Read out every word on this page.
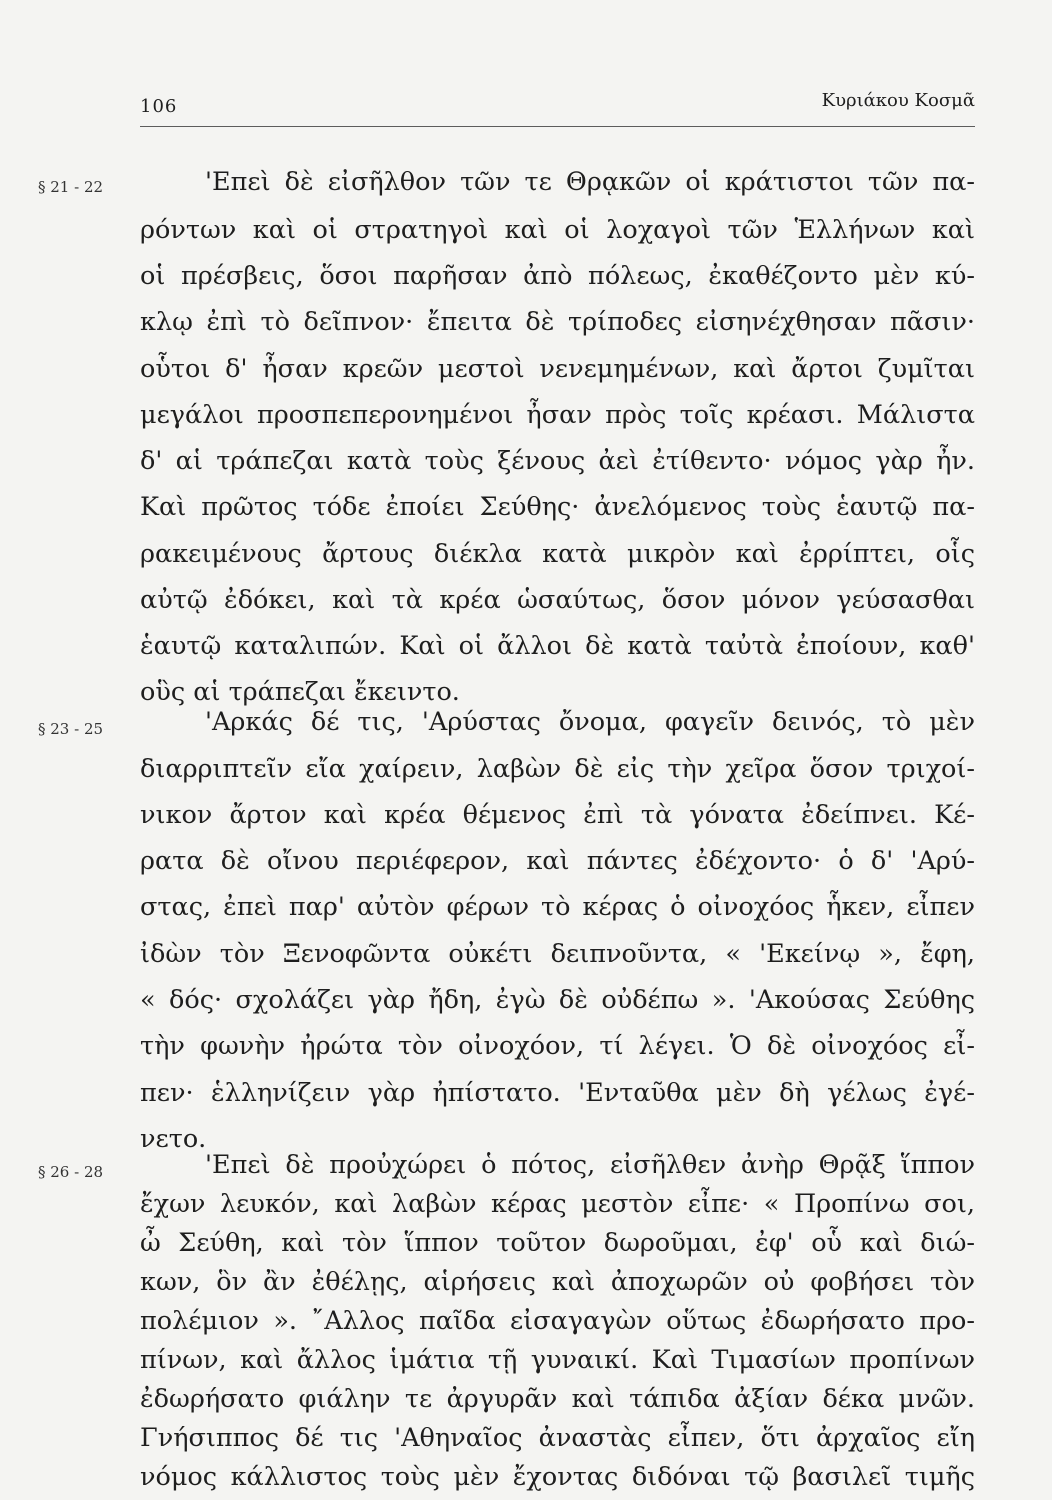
106	Κυριάκου Κοσμᾶ
§ 21 - 22	'Επεὶ δὲ εἰσῆλθον τῶν τε Θρᾳκῶν οἱ κράτιστοι τῶν πα-
ρόντων καὶ οἱ στρατηγοὶ καὶ οἱ λοχαγοὶ τῶν Ἑλλήνων καὶ
οἱ πρέσβεις, ὅσοι παρῆσαν ἀπὸ πόλεως, ἐκαθέζοντο μὲν κύ-
κλῳ ἐπὶ τὸ δεῖπνον· ἔπειτα δὲ τρίποδες εἰσηνέχθησαν πᾶσιν·
οὗτοι δ' ἦσαν κρεῶν μεστοὶ νενεμημένων, καὶ ἄρτοι ζυμῖται
μεγάλοι προσπεπερονημένοι ἦσαν πρὸς τοῖς κρέασι. Μάλιστα
δ' αἱ τράπεζαι κατὰ τοὺς ξένους ἀεὶ ἐτίθεντο· νόμος γὰρ ἦν.
Καὶ πρῶτος τόδε ἐποίει Σεύθης· ἀνελόμενος τοὺς ἑαυτῷ πα-
ρακειμένους ἄρτους διέκλα κατὰ μικρὸν καὶ ἐρρίπτει, οἷς
αὐτῷ ἐδόκει, καὶ τὰ κρέα ὡσαύτως, ὅσον μόνον γεύσασθαι
ἑαυτῷ καταλιπών. Καὶ οἱ ἄλλοι δὲ κατὰ ταὐτὰ ἐποίουν, καθ'
οὓς αἱ τράπεζαι ἔκειντο.
§ 23 - 25	'Αρκάς δέ τις, 'Αρύστας ὄνομα, φαγεῖν δεινός, τὸ μὲν
διαρριπτεῖν εἴα χαίρειν, λαβὼν δὲ εἰς τὴν χεῖρα ὅσον τριχοί-
νικον ἄρτον καὶ κρέα θέμενος ἐπὶ τὰ γόνατα ἐδείπνει. Κέ-
ρατα δὲ οἴνου περιέφερον, καὶ πάντες ἐδέχοντο· ὁ δ' 'Αρύ-
στας, ἐπεὶ παρ' αὐτὸν φέρων τὸ κέρας ὁ οἰνοχόος ἧκεν, εἶπεν
ἰδὼν τὸν Ξενοφῶντα οὐκέτι δειπνοῦντα, « 'Εκείνῳ », ἔφη,
« δός· σχολάζει γὰρ ἤδη, ἐγὼ δὲ οὐδέπω ». 'Ακούσας Σεύθης
τὴν φωνὴν ἠρώτα τὸν οἰνοχόον, τί λέγει. Ὁ δὲ οἰνοχόος εἶ-
πεν· ἑλληνίζειν γὰρ ἠπίστατο. 'Ενταῦθα μὲν δὴ γέλως ἐγέ-
νετο.
§ 26 - 28	'Επεὶ δὲ προὐχώρει ὁ πότος, εἰσῆλθεν ἀνὴρ Θρᾷξ ἵππον
ἔχων λευκόν, καὶ λαβὼν κέρας μεστὸν εἶπε· « Προπίνω σοι,
ὦ Σεύθη, καὶ τὸν ἵππον τοῦτον δωροῦμαι, ἐφ' οὗ καὶ διώ-
κων, ὃν ἂν ἐθέλῃς, αἱρήσεις καὶ ἀποχωρῶν οὐ φοβήσει τὸν
πολέμιον ». ῎Αλλος παῖδα εἰσαγαγὼν οὕτως ἐδωρήσατο προ-
πίνων, καὶ ἄλλος ἱμάτια τῇ γυναικί. Καὶ Τιμασίων προπίνων
ἐδωρήσατο φιάλην τε ἀργυρᾶν καὶ τάπιδα ἀξίαν δέκα μνῶν.
Γνήσιππος δέ τις 'Αθηναῖος ἀναστὰς εἶπεν, ὅτι ἀρχαῖος εἴη
νόμος κάλλιστος τοὺς μὲν ἔχοντας διδόναι τῷ βασιλεῖ τιμῆς
